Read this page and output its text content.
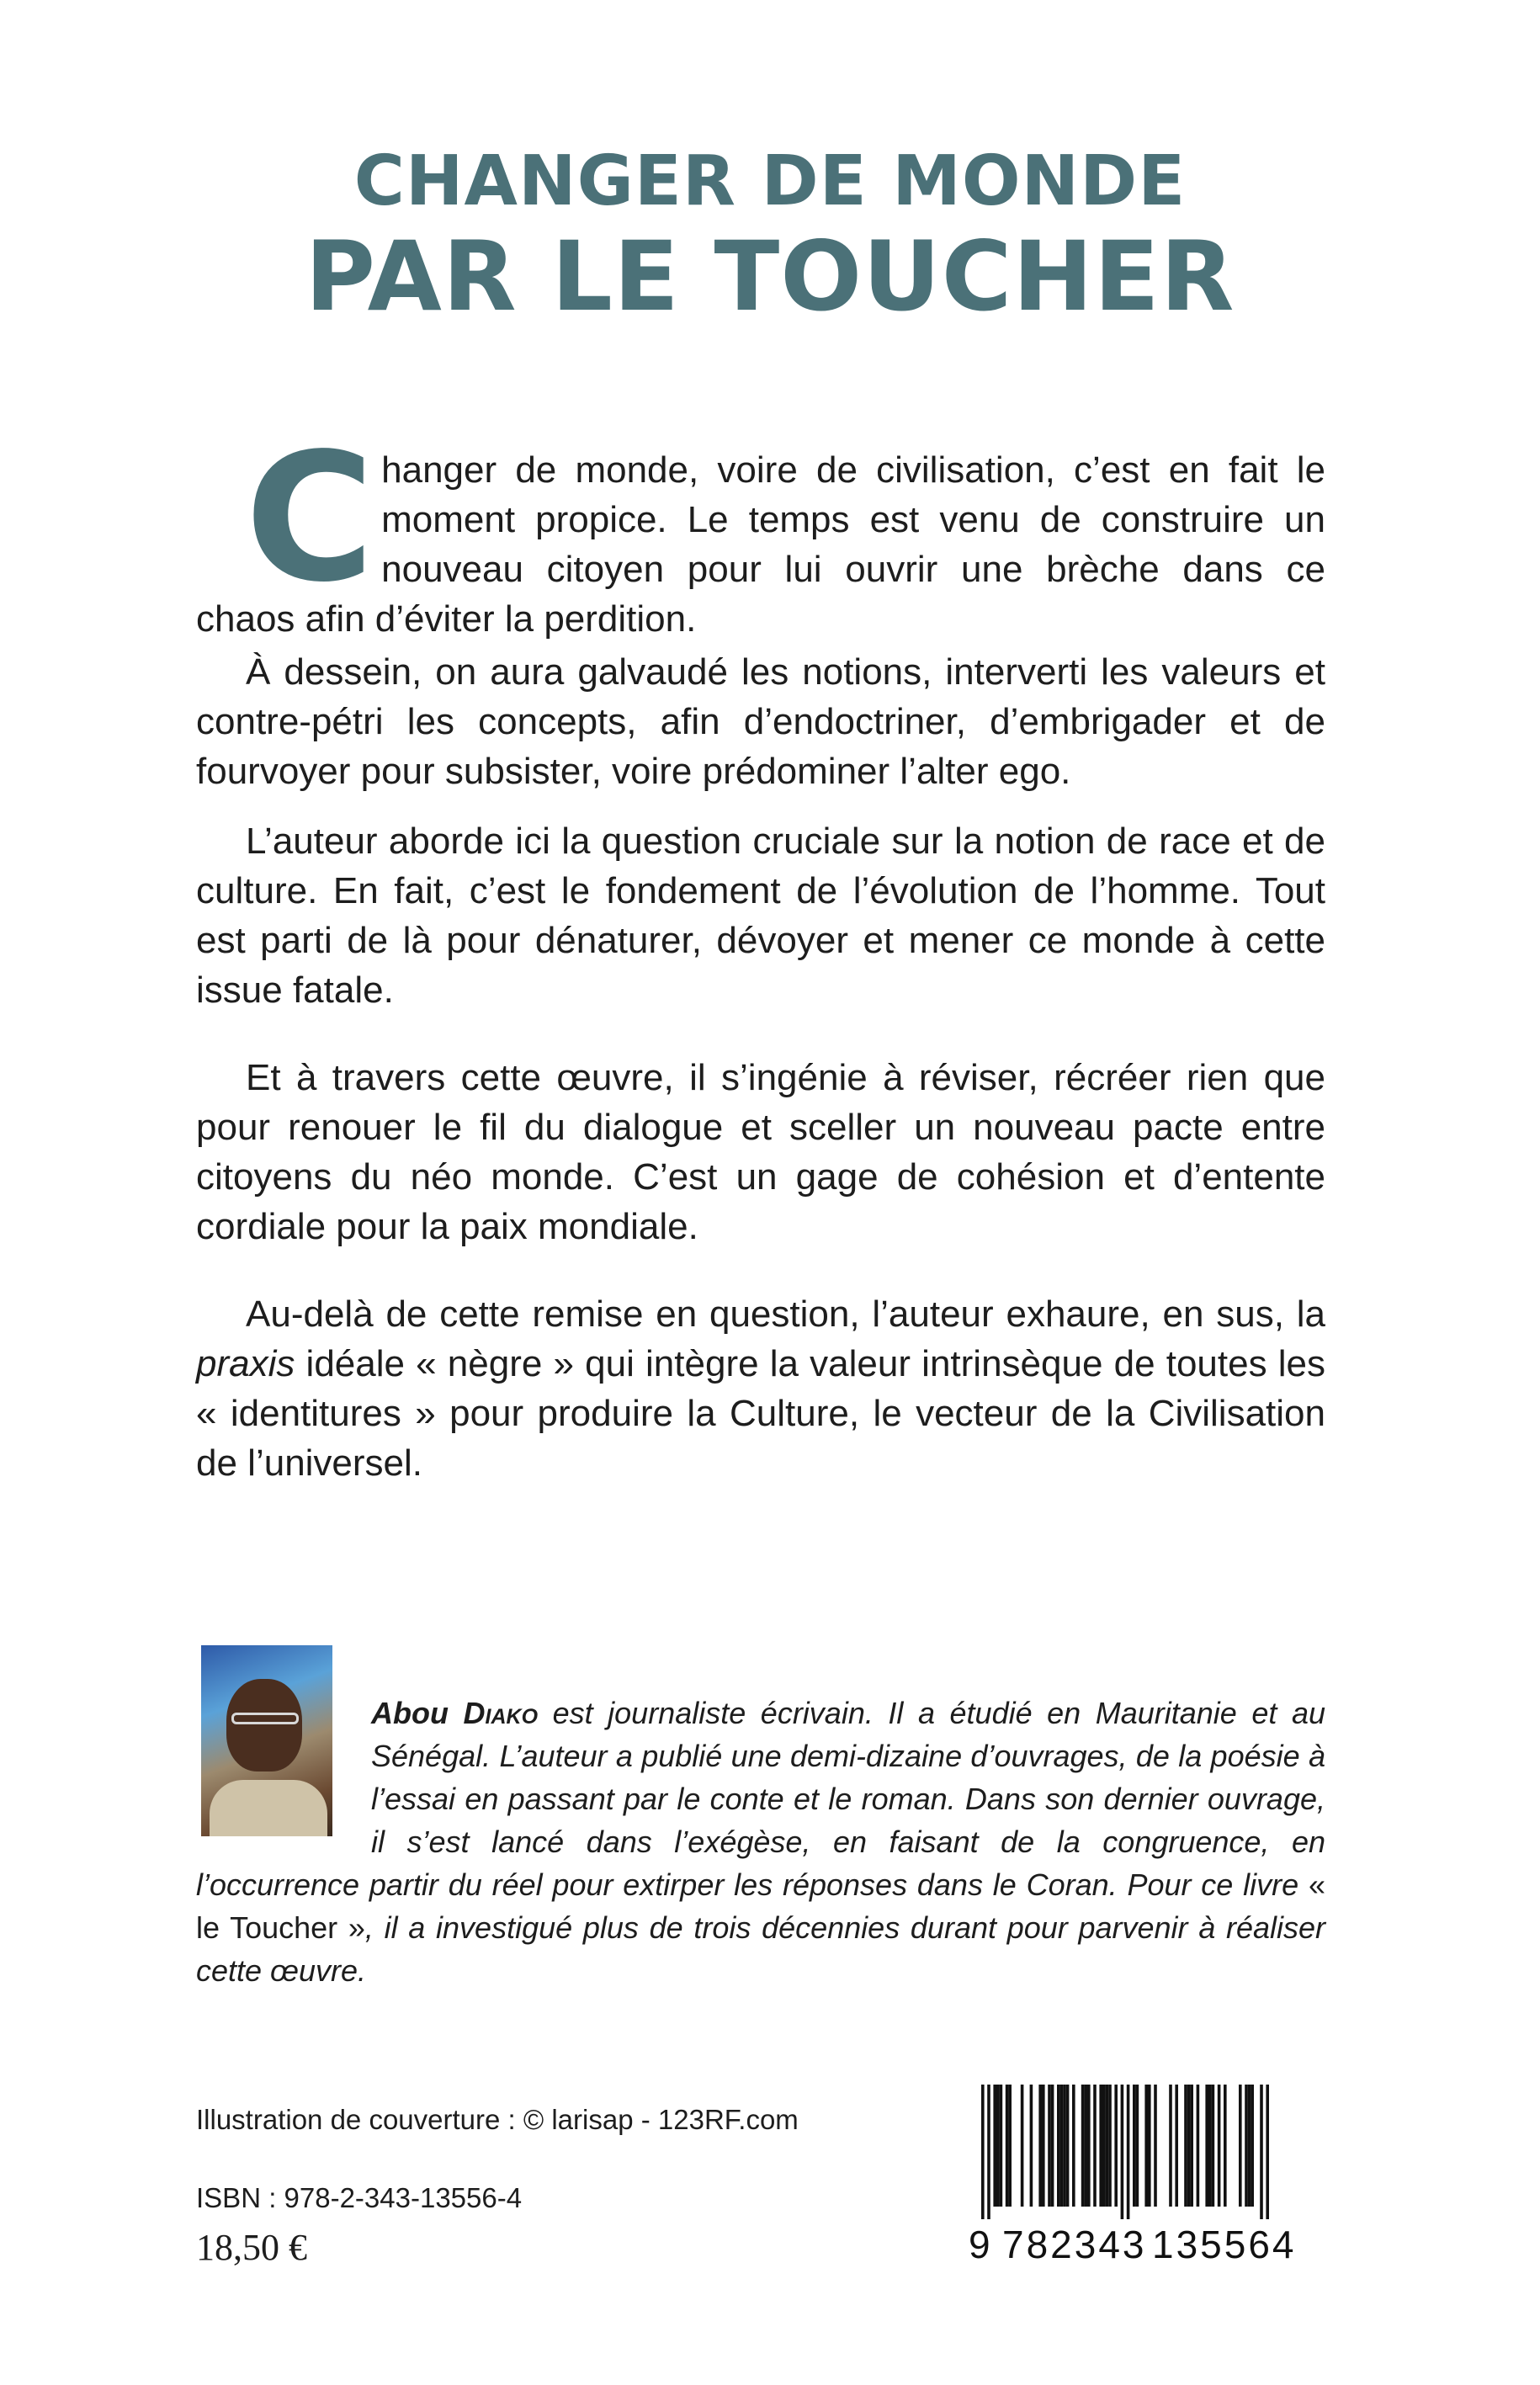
CHANGER DE MONDE
PAR LE TOUCHER

Changer de monde, voire de civilisation, c’est en fait le moment propice. Le temps est venu de construire un nouveau citoyen pour lui ouvrir une brèche dans ce chaos afin d’éviter la perdition.

À dessein, on aura galvaudé les notions, interverti les valeurs et contre-pétri les concepts, afin d’endoctriner, d’embrigader et de fourvoyer pour subsister, voire prédominer l’alter ego.
L’auteur aborde ici la question cruciale sur la notion de race et de culture. En fait, c’est le fondement de l’évolution de l’homme. Tout est parti de là pour dénaturer, dévoyer et mener ce monde à cette issue fatale.
Et à travers cette œuvre, il s’ingénie à réviser, récréer rien que pour renouer le fil du dialogue et sceller un nouveau pacte entre citoyens du néo monde. C’est un gage de cohésion et d’entente cordiale pour la paix mondiale.
Au-delà de cette remise en question, l’auteur exhaure, en sus, la praxis idéale « nègre » qui intègre la valeur intrinsèque de toutes les « identitures » pour produire la Culture, le vecteur de la Civilisation de l’universel.
Abou Diako est journaliste écrivain. Il a étudié en Mauritanie et au Sénégal. L’auteur a publié une demi-dizaine d’ouvrages, de la poésie à l’essai en passant par le conte et le roman. Dans son dernier ouvrage, il s’est lancé dans l’exégèse, en faisant de la congruence, en l’occurrence partir du réel pour extirper les réponses dans le Coran. Pour ce livre « le Toucher », il a investigué plus de trois décennies durant pour parvenir à réaliser cette œuvre.
Illustration de couverture : © larisap - 123RF.com
ISBN : 978-2-343-13556-4
18,50 €	9 782343 135564
